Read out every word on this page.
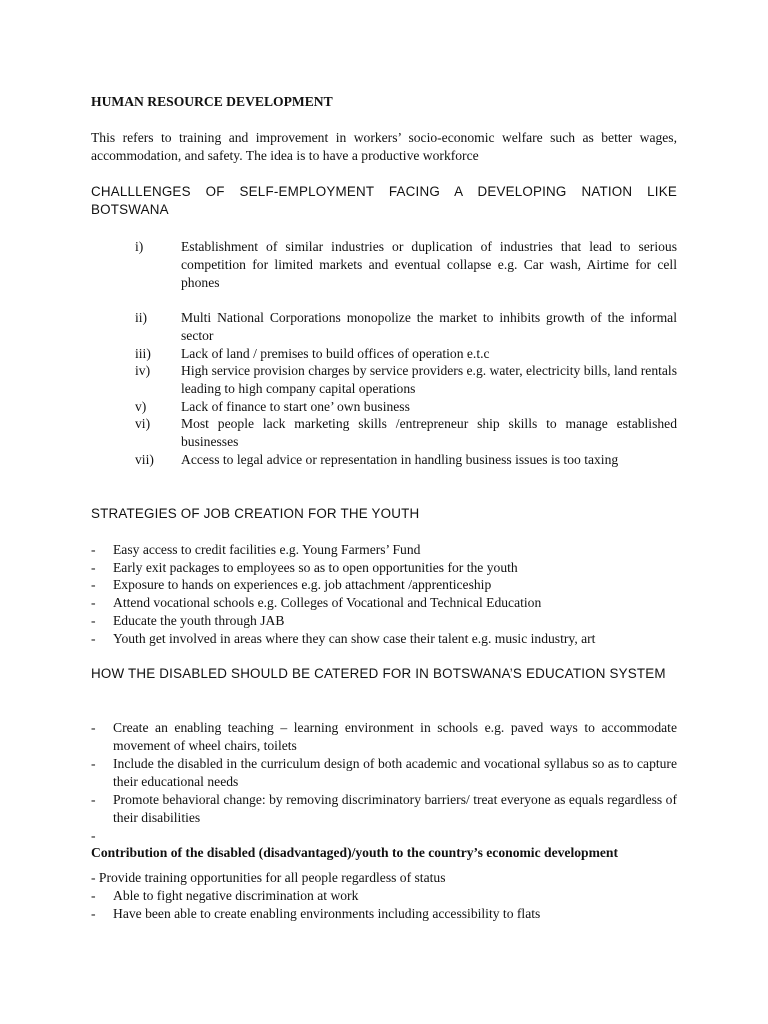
HUMAN RESOURCE DEVELOPMENT
This refers to training and improvement in workers’ socio-economic welfare such as better wages, accommodation, and safety. The idea is to have a productive workforce
CHALLLENGES OF SELF-EMPLOYMENT FACING A DEVELOPING NATION LIKE BOTSWANA
i)	Establishment of similar industries or duplication of industries that lead to serious competition for limited markets and eventual collapse e.g. Car wash, Airtime for cell phones
ii) Multi National Corporations monopolize the market to inhibits growth of the informal sector
iii) Lack of land / premises to build offices of operation e.t.c
iv) High service provision charges by service providers e.g. water, electricity bills, land rentals leading to high company capital operations
v)	Lack of finance to start one’ own business
vi) Most people lack marketing skills /entrepreneur ship skills to manage established businesses
vii) Access to legal advice or representation in handling business issues is too taxing
STRATEGIES OF JOB CREATION FOR THE YOUTH
- Easy access to credit facilities e.g. Young Farmers’ Fund
- Early exit packages to employees so as to open opportunities for the youth
- Exposure to hands on experiences e.g. job attachment /apprenticeship
- Attend vocational schools e.g. Colleges of Vocational and Technical Education
- Educate the youth through JAB
- Youth get involved in areas where they can show case their talent e.g. music industry, art
HOW THE DISABLED SHOULD BE CATERED FOR IN BOTSWANA’S EDUCATION SYSTEM
- Create an enabling teaching – learning environment in schools e.g. paved ways to accommodate movement of wheel chairs, toilets
- Include the disabled in the curriculum design of both academic and vocational syllabus so as to capture their educational needs
- Promote behavioral change: by removing discriminatory barriers/ treat everyone as equals regardless of their disabilities
-
Contribution of the disabled (disadvantaged)/youth to the country’s economic development
- Provide training opportunities for all people regardless of status
- Able to fight negative discrimination at work
- Have been able to create enabling environments including accessibility to flats
